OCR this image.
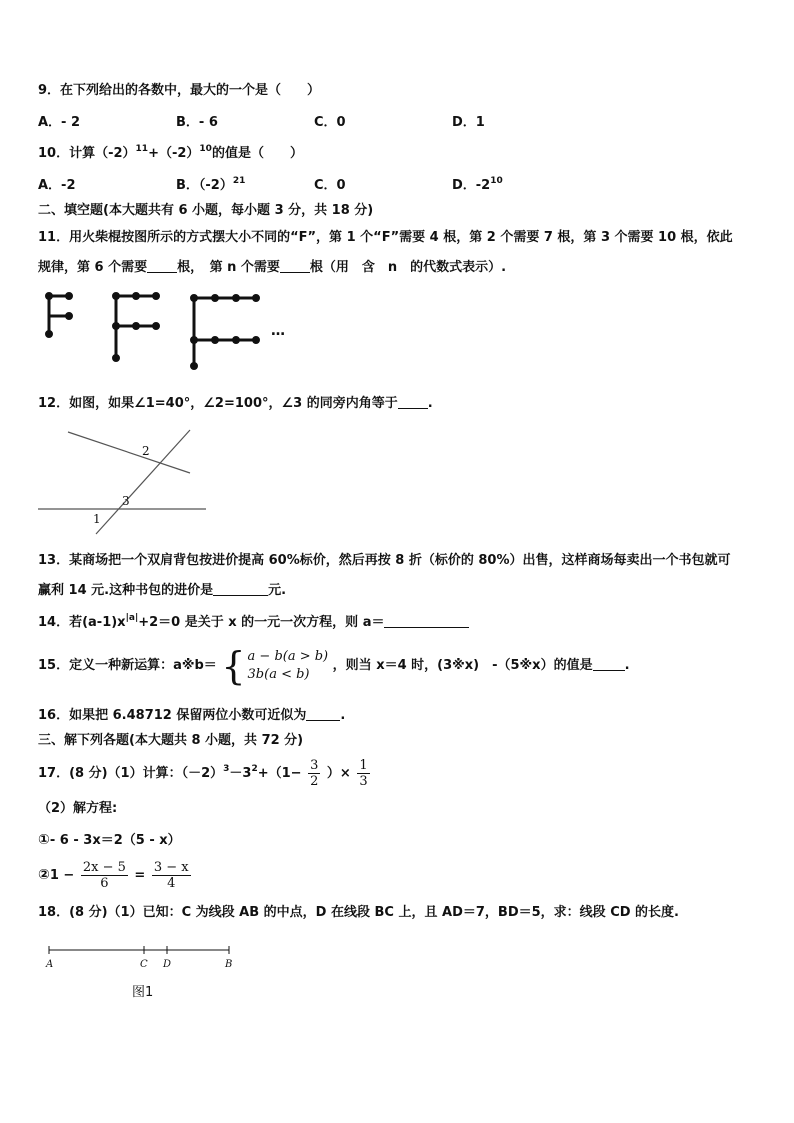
9．在下列给出的各数中，最大的一个是（　　）
A．- 2	B．- 6	C．0	D．1
10．计算$(-2)^{11}+(-2)^{10}$的值是（　　）
A．-2	B．$(-2)^{21}$	C．0	D．$-2^{10}$
二、填空题(本大题共有 6 小题，每小题 3 分，共 18 分)
11．用火柴棍按图所示的方式摆大小不同的“F”，第 1 个“F”需要 4 根，第 2 个需要 7 根，第 3 个需要 10 根，依此
规律，第 6 个需要 根，　第 n 个需要 根（用　含　n　的代数式表示）.
…
12．如图，如果∠1=40°，∠2=100°，∠3 的同旁内角等于 .
2
3
1
13．某商场把一个双肩背包按进价提高 60%标价，然后再按 8 折（标价的 80%）出售，这样商场每卖出一个书包就可
赢利 14 元.这种书包的进价是	元.
14．若$(a-1)x^{|a|}+2=0$ 是关于 x 的一元一次方程，则 a＝
15．定义一种新运算：a※b＝ { a − b(a > b)
3b(a < b)
，则当 x＝4 时，(3※x)　-（5※x）的值是 .
16．如果把 6.48712 保留两位小数可近似为	.
三、解下列各题(本大题共 8 小题，共 72 分)
17．(8 分)（1）计算：$(-2)^3-3^2+(1- \frac{3}{2}$ ）× $\frac{1}{3}$
（2）解方程:
①- 6 - 3x＝2（5 - x）
②1 − $\frac{2x - 5}{6} = \frac{3 - x}{4}$
18．(8 分)（1）已知：C 为线段 AB 的中点，D 在线段 BC 上，且 AD＝7，BD＝5，求：线段 CD 的长度.
A	C D	B
图1
